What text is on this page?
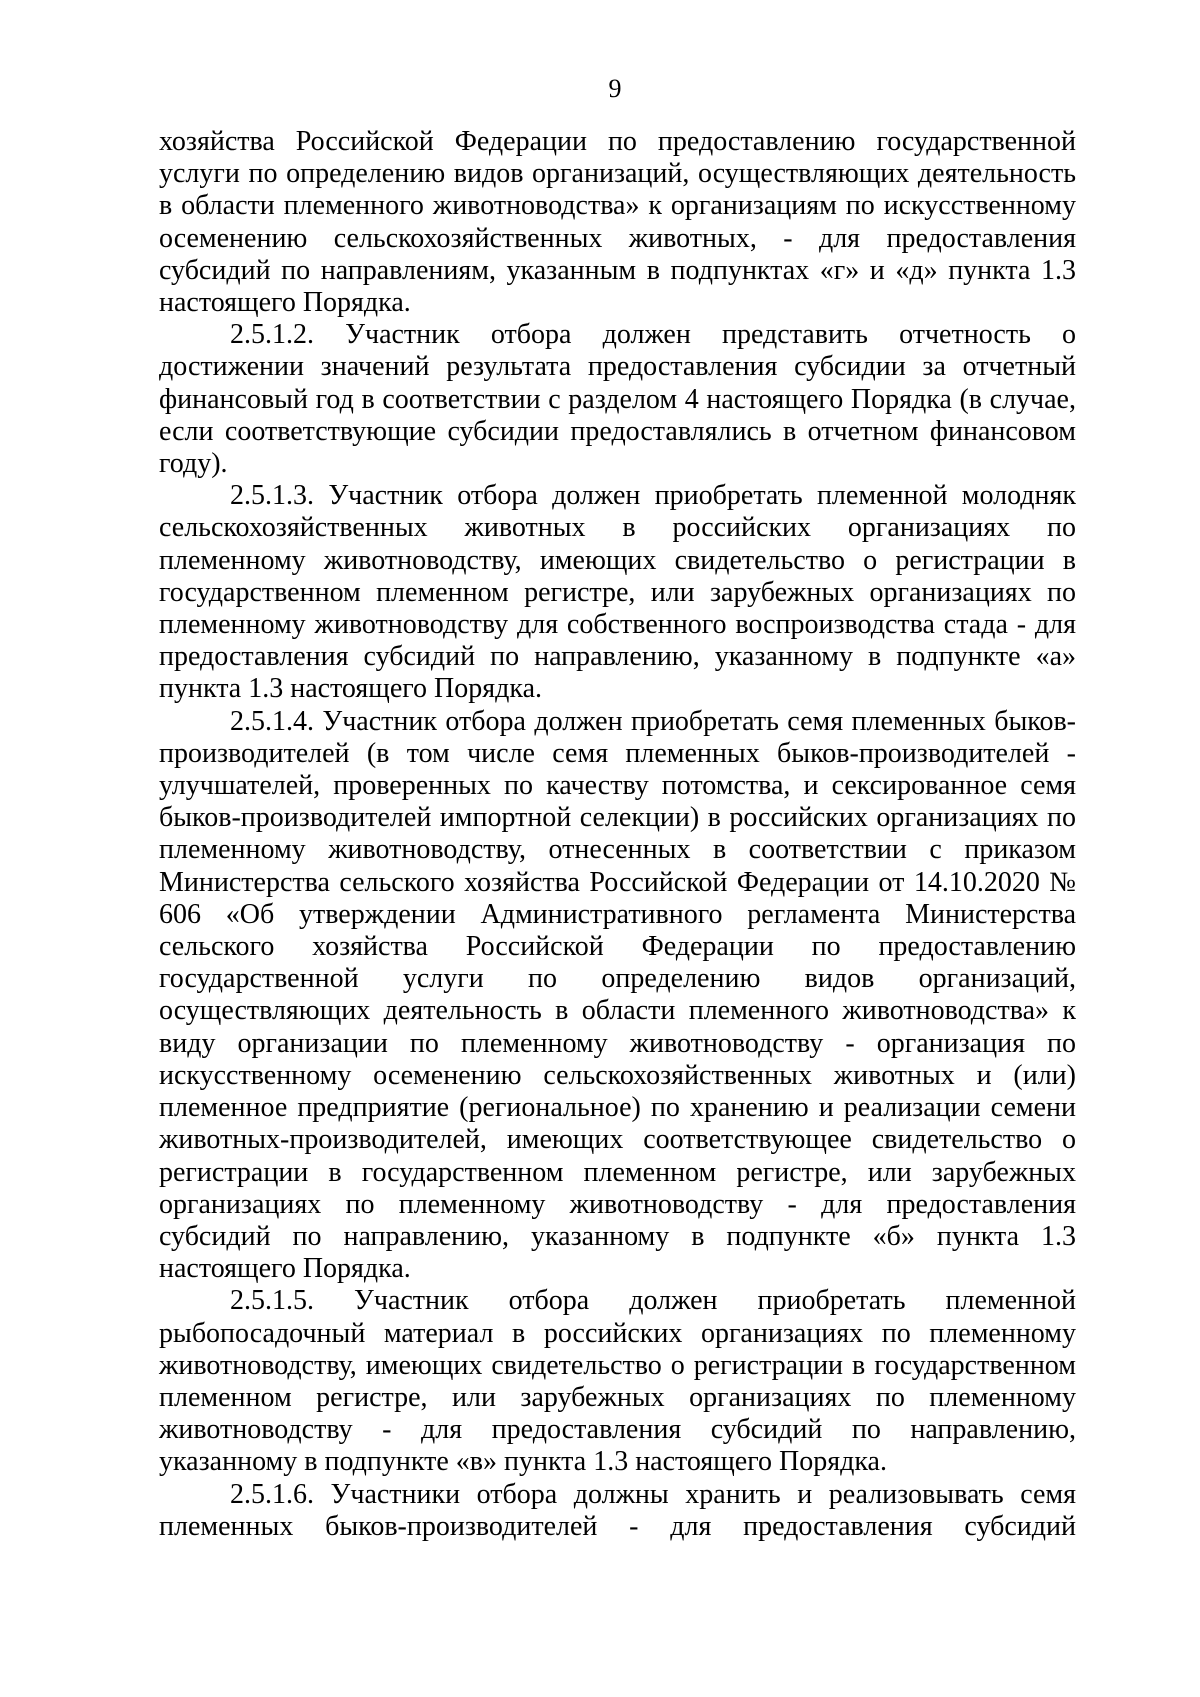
9

хозяйства Российской Федерации по предоставлению государственной услуги по определению видов организаций, осуществляющих деятельность в области племенного животноводства» к организациям по искусственному осеменению сельскохозяйственных животных, - для предоставления субсидий по направлениям, указанным в подпунктах «г» и «д» пункта 1.3 настоящего Порядка.

2.5.1.2. Участник отбора должен представить отчетность о достижении значений результата предоставления субсидии за отчетный финансовый год в соответствии с разделом 4 настоящего Порядка (в случае, если соответствующие субсидии предоставлялись в отчетном финансовом году).

2.5.1.3. Участник отбора должен приобретать племенной молодняк сельскохозяйственных животных в российских организациях по племенному животноводству, имеющих свидетельство о регистрации в государственном племенном регистре, или зарубежных организациях по племенному животноводству для собственного воспроизводства стада - для предоставления субсидий по направлению, указанному в подпункте «а» пункта 1.3 настоящего Порядка.

2.5.1.4. Участник отбора должен приобретать семя племенных быков-производителей (в том числе семя племенных быков-производителей - улучшателей, проверенных по качеству потомства, и сексированное семя быков-производителей импортной селекции) в российских организациях по племенному животноводству, отнесенных в соответствии с приказом Министерства сельского хозяйства Российской Федерации от 14.10.2020 № 606 «Об утверждении Административного регламента Министерства сельского хозяйства Российской Федерации по предоставлению государственной услуги по определению видов организаций, осуществляющих деятельность в области племенного животноводства» к виду организации по племенному животноводству - организация по искусственному осеменению сельскохозяйственных животных и (или) племенное предприятие (региональное) по хранению и реализации семени животных-производителей, имеющих соответствующее свидетельство о регистрации в государственном племенном регистре, или зарубежных организациях по племенному животноводству - для предоставления субсидий по направлению, указанному в подпункте «б» пункта 1.3 настоящего Порядка.

2.5.1.5. Участник отбора должен приобретать племенной рыбопосадочный материал в российских организациях по племенному животноводству, имеющих свидетельство о регистрации в государственном племенном регистре, или зарубежных организациях по племенному животноводству - для предоставления субсидий по направлению, указанному в подпункте «в» пункта 1.3 настоящего Порядка.

2.5.1.6. Участники отбора должны хранить и реализовывать семя племенных быков-производителей - для предоставления субсидий
